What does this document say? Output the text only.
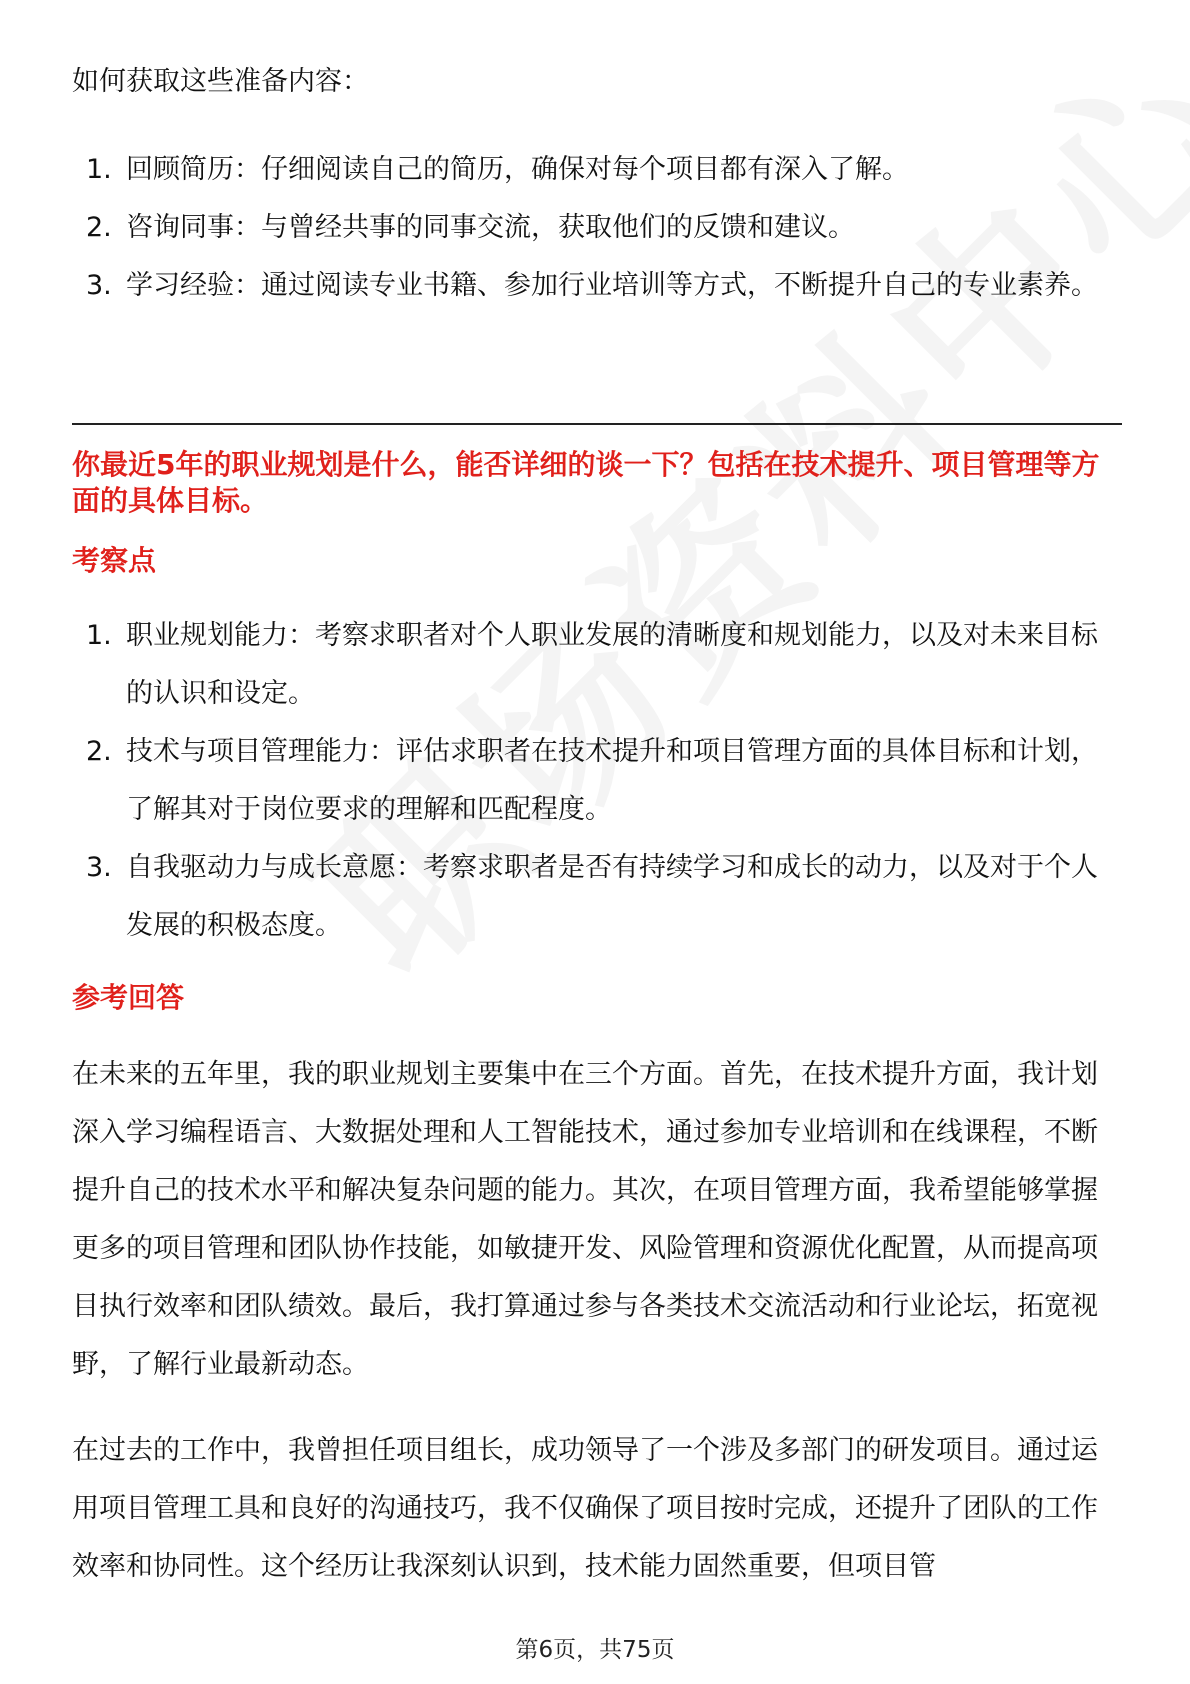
如何获取这些准备内容：

1. 回顾简历：仔细阅读自己的简历，确保对每个项目都有深入了解。
2. 咨询同事：与曾经共事的同事交流，获取他们的反馈和建议。
3. 学习经验：通过阅读专业书籍、参加行业培训等方式，不断提升自己的专业素养。

你最近5年的职业规划是什么，能否详细的谈一下？包括在技术提升、项目管理等方面的具体目标。

考察点

1. 职业规划能力：考察求职者对个人职业发展的清晰度和规划能力，以及对未来目标的认识和设定。
2. 技术与项目管理能力：评估求职者在技术提升和项目管理方面的具体目标和计划，了解其对于岗位要求的理解和匹配程度。
3. 自我驱动力与成长意愿：考察求职者是否有持续学习和成长的动力，以及对于个人发展的积极态度。

参考回答

在未来的五年里，我的职业规划主要集中在三个方面。首先，在技术提升方面，我计划深入学习编程语言、大数据处理和人工智能技术，通过参加专业培训和在线课程，不断提升自己的技术水平和解决复杂问题的能力。其次，在项目管理方面，我希望能够掌握更多的项目管理和团队协作技能，如敏捷开发、风险管理和资源优化配置，从而提高项目执行效率和团队绩效。最后，我打算通过参与各类技术交流活动和行业论坛，拓宽视野，了解行业最新动态。

在过去的工作中，我曾担任项目组长，成功领导了一个涉及多部门的研发项目。通过运用项目管理工具和良好的沟通技巧，我不仅确保了项目按时完成，还提升了团队的工作效率和协同性。这个经历让我深刻认识到，技术能力固然重要，但项目管

第6页，共75页
